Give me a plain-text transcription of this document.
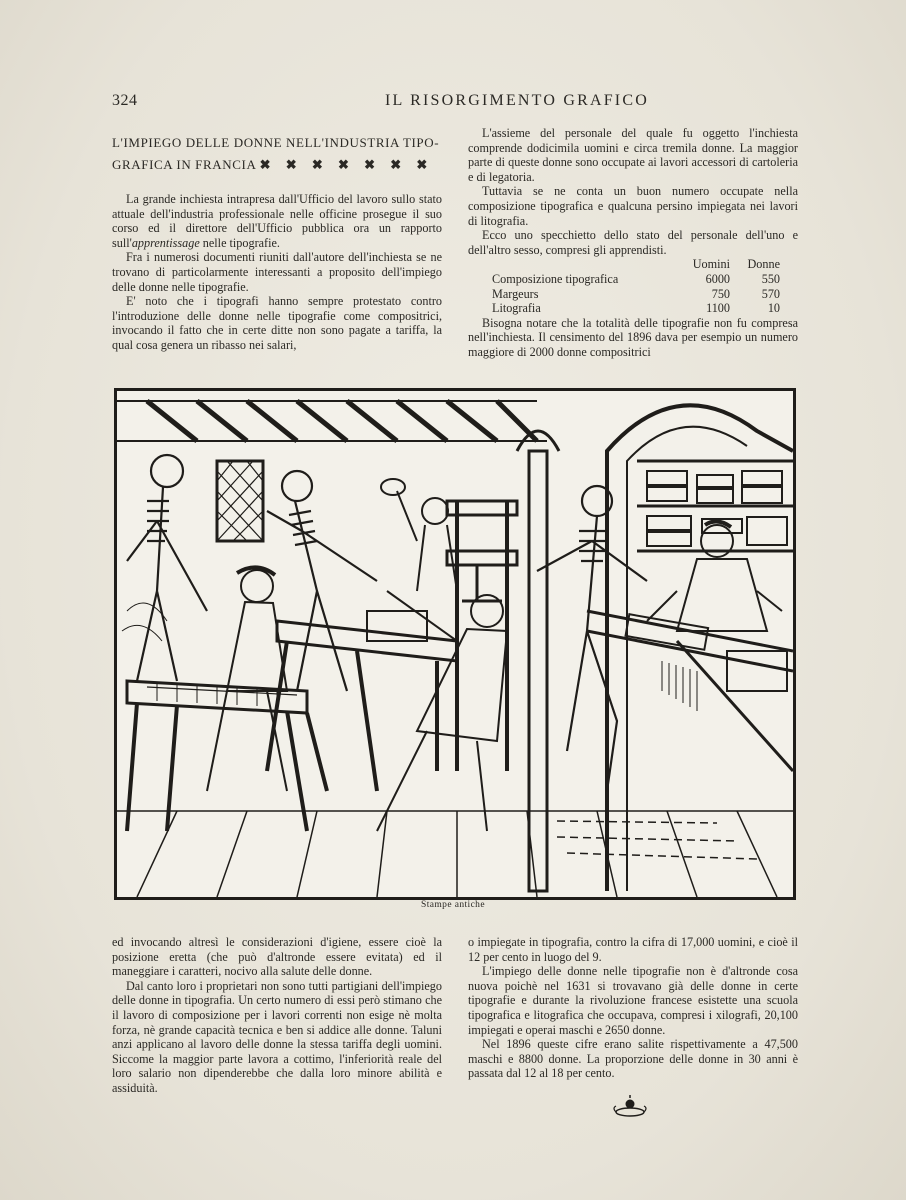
324	IL RISORGIMENTO GRAFICO
L'IMPIEGO DELLE DONNE NELL'INDUSTRIA TIPO-
GRAFICA IN FRANCIA ✖ ✖ ✖ ✖ ✖ ✖ ✖

La grande inchiesta intrapresa dall'Ufficio del lavoro sullo stato attuale dell'industria professionale nelle officine prosegue il suo corso ed il direttore dell'Ufficio pubblica ora un rapporto sull'apprentissage nelle tipografie.

Fra i numerosi documenti riuniti dall'autore dell'inchiesta se ne trovano di particolarmente interessanti a proposito dell'impiego delle donne nelle tipografie.

E' noto che i tipografi hanno sempre protestato contro l'introduzione delle donne nelle tipografie come compositrici, invocando il fatto che in certe ditte non sono pagate a tariffa, la qual cosa genera un ribasso nei salari,

L'assieme del personale del quale fu oggetto l'inchiesta comprende dodicimila uomini e circa tremila donne. La maggior parte di queste donne sono occupate ai lavori accessori di cartoleria e di legatoria.

Tuttavia se ne conta un buon numero occupate nella composizione tipografica e qualcuna persino impiegata nei lavori di litografia.

Ecco uno specchietto dello stato del personale dell'uno e dell'altro sesso, compresi gli apprendisti.

	Uomini	Donne
Composizione tipografica	6000	550
Margeurs	750	570
Litografia	1100	10

Bisogna notare che la totalità delle tipografie non fu compresa nell'inchiesta. Il censimento del 1896 dava per esempio un numero maggiore di 2000 donne compositrici

Stampe antiche

ed invocando altresì le considerazioni d'igiene, essere cioè la posizione eretta (che può d'altronde essere evitata) ed il maneggiare i caratteri, nocivo alla salute delle donne.

Dal canto loro i proprietari non sono tutti partigiani dell'impiego delle donne in tipografia. Un certo numero di essi però stimano che il lavoro di composizione per i lavori correnti non esige nè molta forza, nè grande capacità tecnica e ben si addice alle donne. Taluni anzi applicano al lavoro delle donne la stessa tariffa degli uomini. Siccome la maggior parte lavora a cottimo, l'inferiorità reale del loro salario non dipenderebbe che dalla loro minore abilità e assiduità.

o impiegate in tipografia, contro la cifra di 17,000 uomini, e cioè il 12 per cento in luogo del 9.

L'impiego delle donne nelle tipografie non è d'altronde cosa nuova poichè nel 1631 si trovavano già delle donne in certe tipografie e durante la rivoluzione francese esistette una scuola tipografica e litografica che occupava, compresi i xilografi, 20,100 impiegati e operai maschi e 2650 donne.

Nel 1896 queste cifre erano salite rispettivamente a 47,500 maschi e 8800 donne. La proporzione delle donne in 30 anni è passata dal 12 al 18 per cento.
